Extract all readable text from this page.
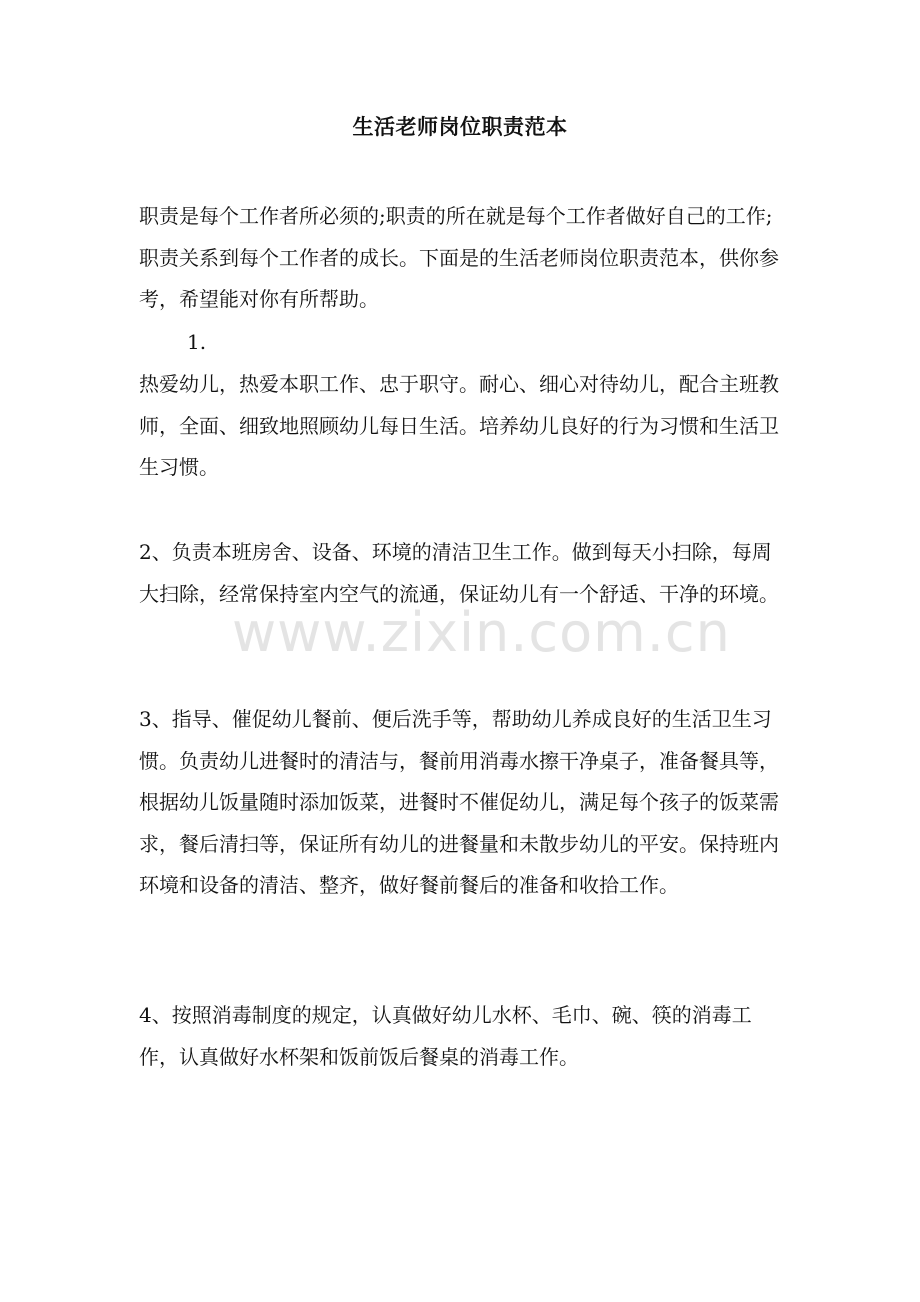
生活老师岗位职责范本
职责是每个工作者所必须的;职责的所在就是每个工作者做好自己的工作;职责关系到每个工作者的成长。下面是的生活老师岗位职责范本，供你参考，希望能对你有所帮助。
1.
热爱幼儿，热爱本职工作、忠于职守。耐心、细心对待幼儿，配合主班教师，全面、细致地照顾幼儿每日生活。培养幼儿良好的行为习惯和生活卫生习惯。
2、负责本班房舍、设备、环境的清洁卫生工作。做到每天小扫除，每周大扫除，经常保持室内空气的流通，保证幼儿有一个舒适、干净的环境。
3、指导、催促幼儿餐前、便后洗手等，帮助幼儿养成良好的生活卫生习惯。负责幼儿进餐时的清洁与，餐前用消毒水擦干净桌子，准备餐具等，根据幼儿饭量随时添加饭菜，进餐时不催促幼儿，满足每个孩子的饭菜需求，餐后清扫等，保证所有幼儿的进餐量和未散步幼儿的平安。保持班内环境和设备的清洁、整齐，做好餐前餐后的准备和收拾工作。
4、按照消毒制度的规定，认真做好幼儿水杯、毛巾、碗、筷的消毒工作，认真做好水杯架和饭前饭后餐桌的消毒工作。
www.zixin.com.cn
